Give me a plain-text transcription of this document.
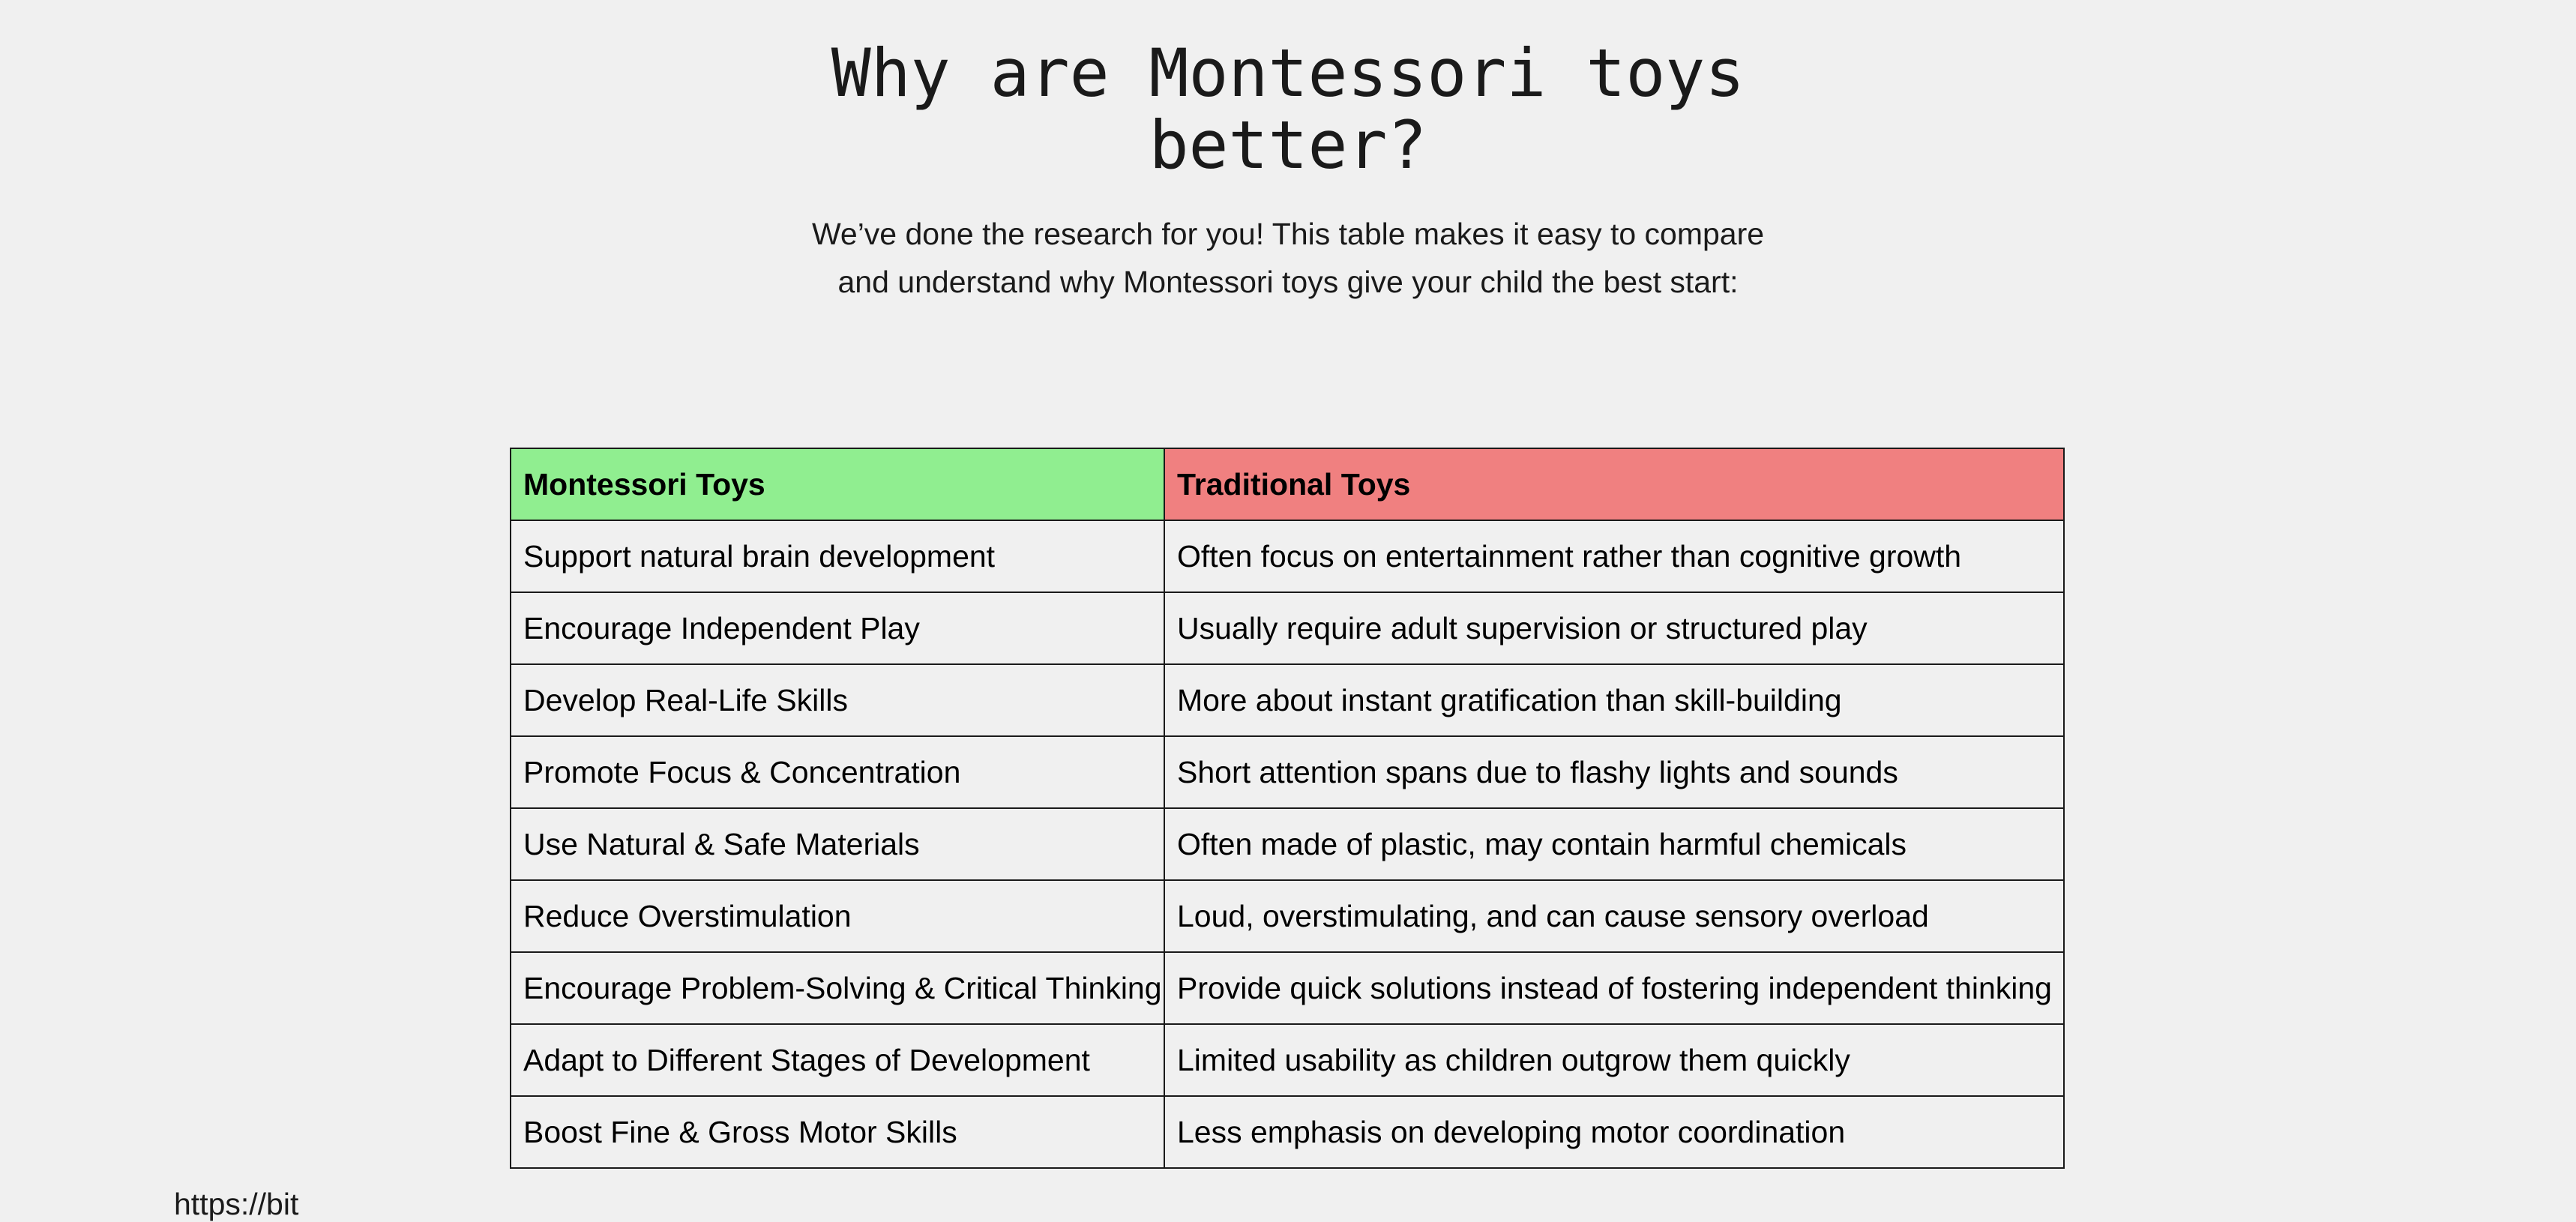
Why are Montessori toys better?

We’ve done the research for you! This table makes it easy to compare and understand why Montessori toys give your child the best start:

Montessori Toys	Traditional Toys
Support natural brain development	Often focus on entertainment rather than cognitive growth
Encourage Independent Play	Usually require adult supervision or structured play
Develop Real-Life Skills	More about instant gratification than skill-building
Promote Focus & Concentration	Short attention spans due to flashy lights and sounds
Use Natural & Safe Materials	Often made of plastic, may contain harmful chemicals
Reduce Overstimulation	Loud, overstimulating, and can cause sensory overload
Encourage Problem-Solving & Critical Thinking	Provide quick solutions instead of fostering independent thinking
Adapt to Different Stages of Development	Limited usability as children outgrow them quickly
Boost Fine & Gross Motor Skills	Less emphasis on developing motor coordination
https://bit
